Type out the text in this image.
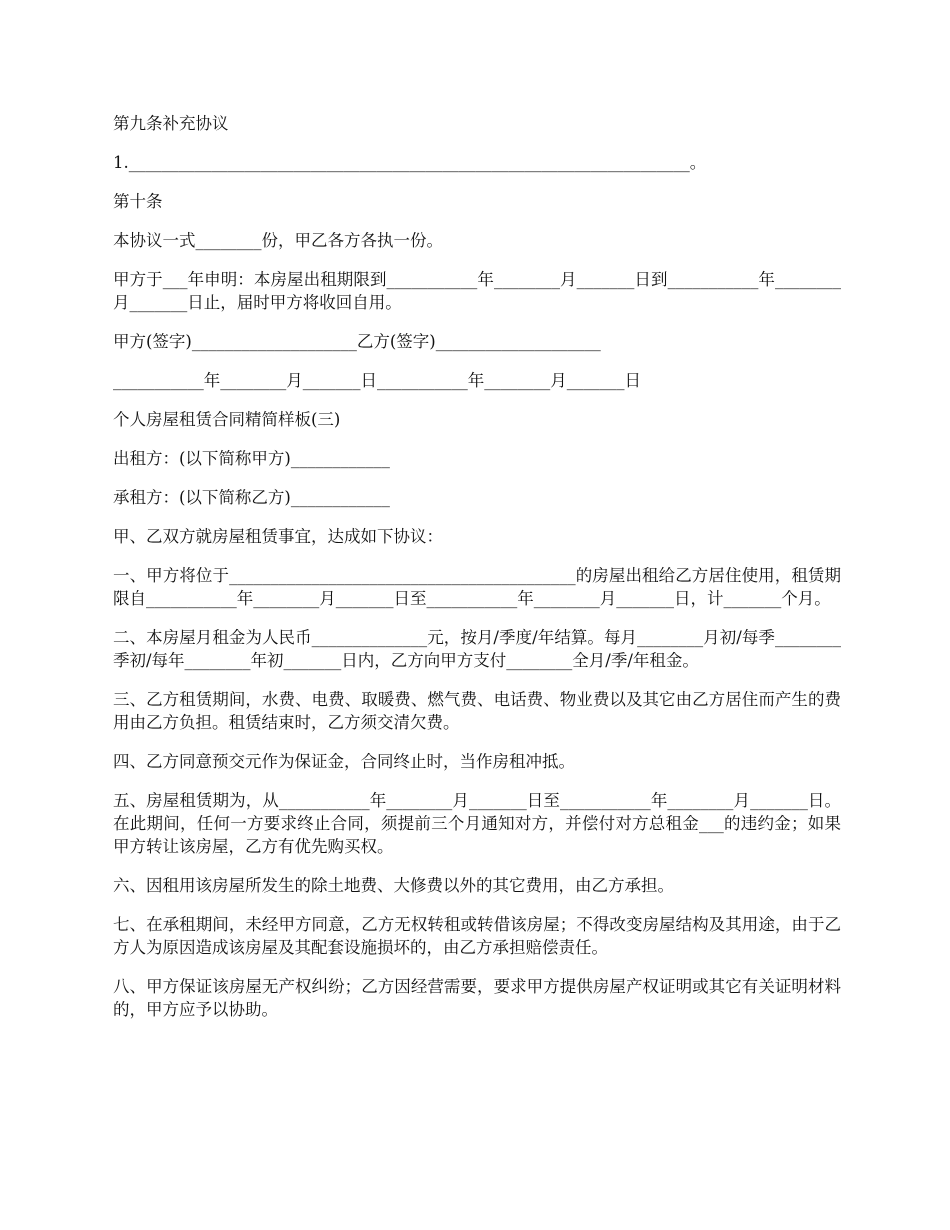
第九条补充协议

1.____________________________________________________________________。

第十条

本协议一式________份，甲乙各方各执一份。

甲方于___年申明：本房屋出租期限到___________年________月_______日到___________年________月_______日止，届时甲方将收回自用。

甲方(签字)____________________乙方(签字)____________________

___________年________月_______日___________年________月_______日

个人房屋租赁合同精简样板(三)

出租方：(以下简称甲方)____________

承租方：(以下简称乙方)____________

甲、乙双方就房屋租赁事宜，达成如下协议：

一、甲方将位于__________________________________________的房屋出租给乙方居住使用，租赁期限自___________年________月_______日至___________年________月_______日，计_______个月。

二、本房屋月租金为人民币______________元，按月/季度/年结算。每月________月初/每季________季初/每年________年初_______日内，乙方向甲方支付________全月/季/年租金。

三、乙方租赁期间，水费、电费、取暖费、燃气费、电话费、物业费以及其它由乙方居住而产生的费用由乙方负担。租赁结束时，乙方须交清欠费。

四、乙方同意预交元作为保证金，合同终止时，当作房租冲抵。

五、房屋租赁期为，从___________年________月_______日至___________年________月_______日。在此期间，任何一方要求终止合同，须提前三个月通知对方，并偿付对方总租金___的违约金；如果甲方转让该房屋，乙方有优先购买权。

六、因租用该房屋所发生的除土地费、大修费以外的其它费用，由乙方承担。

七、在承租期间，未经甲方同意，乙方无权转租或转借该房屋；不得改变房屋结构及其用途，由于乙方人为原因造成该房屋及其配套设施损坏的，由乙方承担赔偿责任。

八、甲方保证该房屋无产权纠纷；乙方因经营需要，要求甲方提供房屋产权证明或其它有关证明材料的，甲方应予以协助。
